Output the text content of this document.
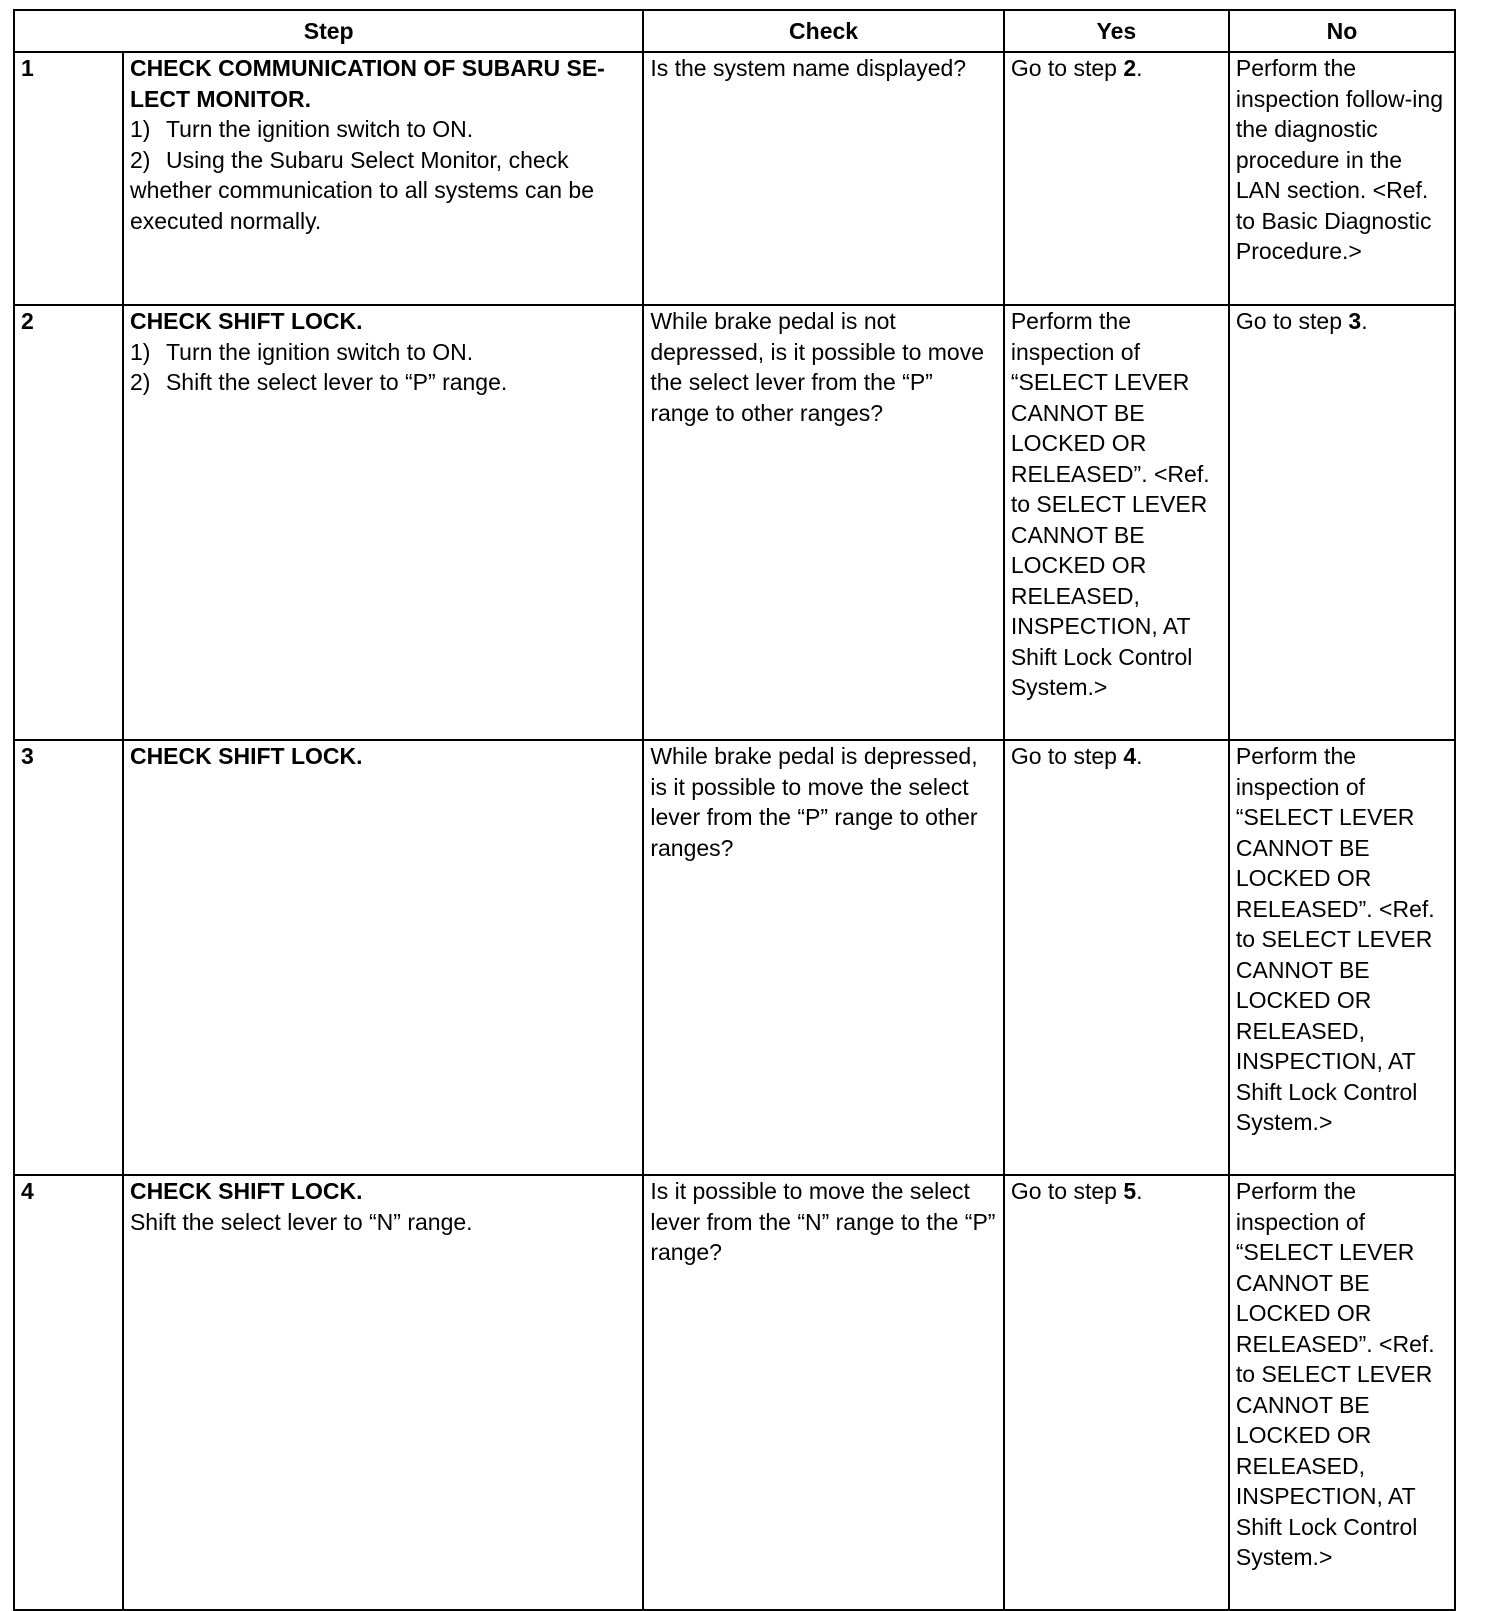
Step		Check	Yes	No
1	CHECK COMMUNICATION OF SUBARU SE-
LECT MONITOR.
1) Turn the ignition switch to ON.
2) Using the Subaru Select Monitor, check whether communication to all systems can be executed normally.	Is the system name displayed?	Go to step 2.	Perform the inspection follow-ing the diagnostic procedure in the LAN section. <Ref. to Basic Diagnostic Procedure.>
2	CHECK SHIFT LOCK.
1) Turn the ignition switch to ON.
2) Shift the select lever to “P” range.	While brake pedal is not depressed, is it possible to move the select lever from the “P” range to other ranges?	Perform the inspection of “SELECT LEVER CANNOT BE LOCKED OR RELEASED”. <Ref. to SELECT LEVER CANNOT BE LOCKED OR RELEASED, INSPECTION, AT Shift Lock Control System.>	Go to step 3.
3	CHECK SHIFT LOCK.	While brake pedal is depressed, is it possible to move the select lever from the “P” range to other ranges?	Go to step 4.	Perform the inspection of “SELECT LEVER CANNOT BE LOCKED OR RELEASED”. <Ref. to SELECT LEVER CANNOT BE LOCKED OR RELEASED, INSPECTION, AT Shift Lock Control System.>
4	CHECK SHIFT LOCK.
Shift the select lever to “N” range.	Is it possible to move the select lever from the “N” range to the “P” range?	Go to step 5.	Perform the inspection of “SELECT LEVER CANNOT BE LOCKED OR RELEASED”. <Ref. to SELECT LEVER CANNOT BE LOCKED OR RELEASED, INSPECTION, AT Shift Lock Control System.>
